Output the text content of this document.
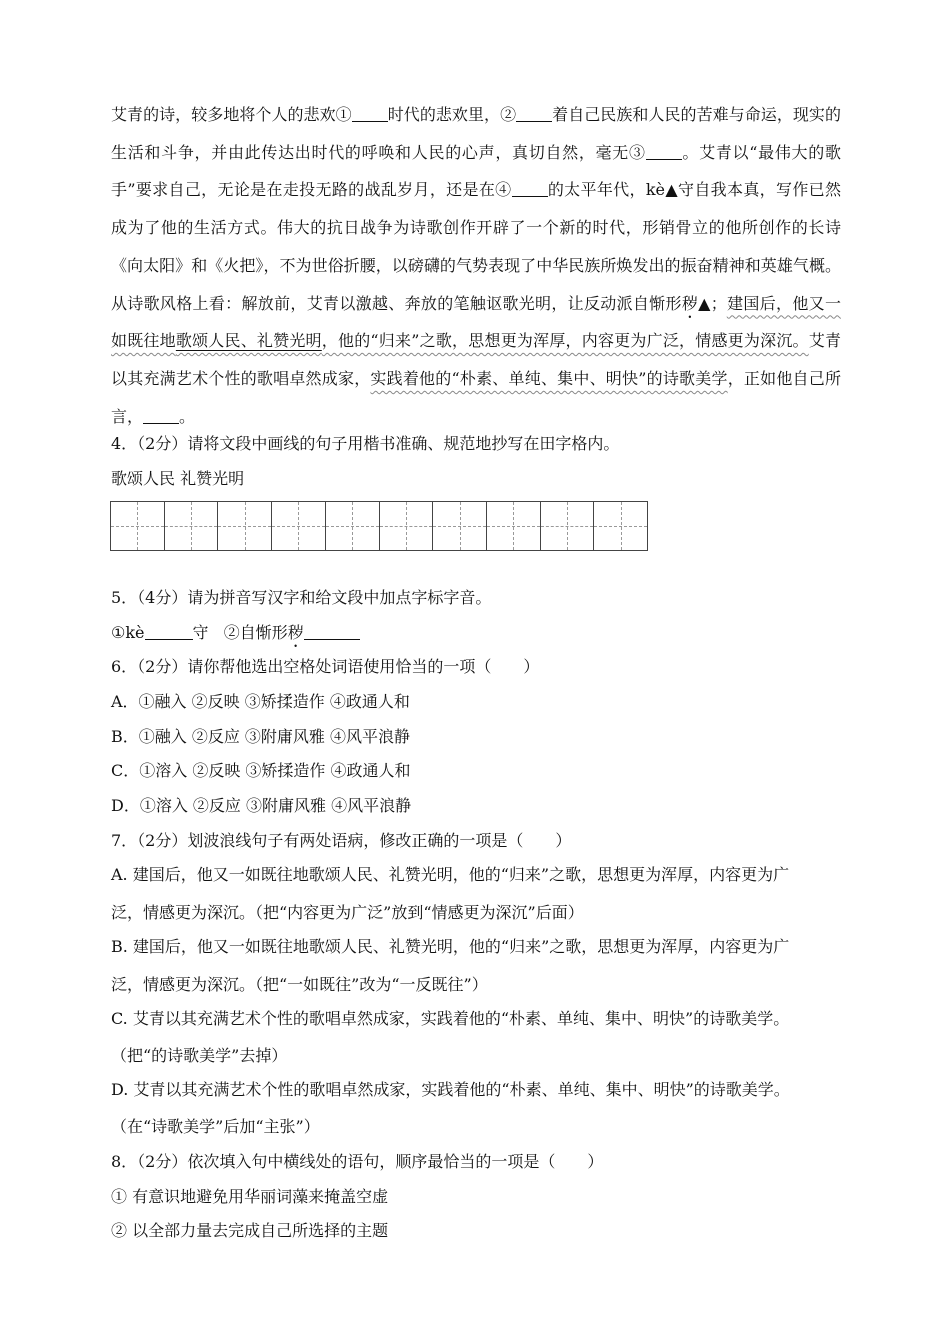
艾青的诗，较多地将个人的悲欢① 时代的悲欢里，② 着自己民族和人民的苦难与命运，现实的生活和斗争，并由此传达出时代的呼唤和人民的心声，真切自然，毫无③ 。艾青以“最伟大的歌手”要求自己，无论是在走投无路的战乱岁月，还是在④ 的太平年代，kè▲守自我本真，写作已然成为了他的生活方式。伟大的抗日战争为诗歌创作开辟了一个新的时代，形销骨立的他所创作的长诗《向太阳》和《火把》，不为世俗折腰，以磅礴的气势表现了中华民族所焕发出的振奋精神和英雄气概。从诗歌风格上看：解放前，艾青以激越、奔放的笔触讴歌光明，让反动派自惭形秽▲；建国后，他又一如既往地歌颂人民、礼赞光明，他的“归来”之歌，思想更为浑厚，内容更为广泛，情感更为深沉。艾青以其充满艺术个性的歌唱卓然成家，实践着他的“朴素、单纯、集中、明快”的诗歌美学，正如他自己所言， 。

4．（2分）请将文段中画线的句子用楷书准确、规范地抄写在田字格内。
歌颂人民 礼赞光明
5．（4分）请为拼音写汉字和给文段中加点字标字音。
①kè	守   ②自惭形秽
6．（2分）请你帮他选出空格处词语使用恰当的一项（　　）
A．①融入 ②反映 ③矫揉造作 ④政通人和
B．①融入 ②反应 ③附庸风雅 ④风平浪静
C．①溶入 ②反映 ③矫揉造作 ④政通人和
D．①溶入 ②反应 ③附庸风雅 ④风平浪静
7．（2分）划波浪线句子有两处语病，修改正确的一项是（　　）
A. 建国后，他又一如既往地歌颂人民、礼赞光明，他的“归来”之歌，思想更为浑厚，内容更为广
泛，情感更为深沉。（把“内容更为广泛”放到“情感更为深沉”后面）
B. 建国后，他又一如既往地歌颂人民、礼赞光明，他的“归来”之歌，思想更为浑厚，内容更为广
泛，情感更为深沉。（把“一如既往”改为“一反既往”）
C. 艾青以其充满艺术个性的歌唱卓然成家，实践着他的“朴素、单纯、集中、明快”的诗歌美学。
（把“的诗歌美学”去掉）
D. 艾青以其充满艺术个性的歌唱卓然成家，实践着他的“朴素、单纯、集中、明快”的诗歌美学。
（在“诗歌美学”后加“主张”）
8．（2分）依次填入句中横线处的语句，顺序最恰当的一项是（　　）
① 有意识地避免用华丽词藻来掩盖空虚
② 以全部力量去完成自己所选择的主题
